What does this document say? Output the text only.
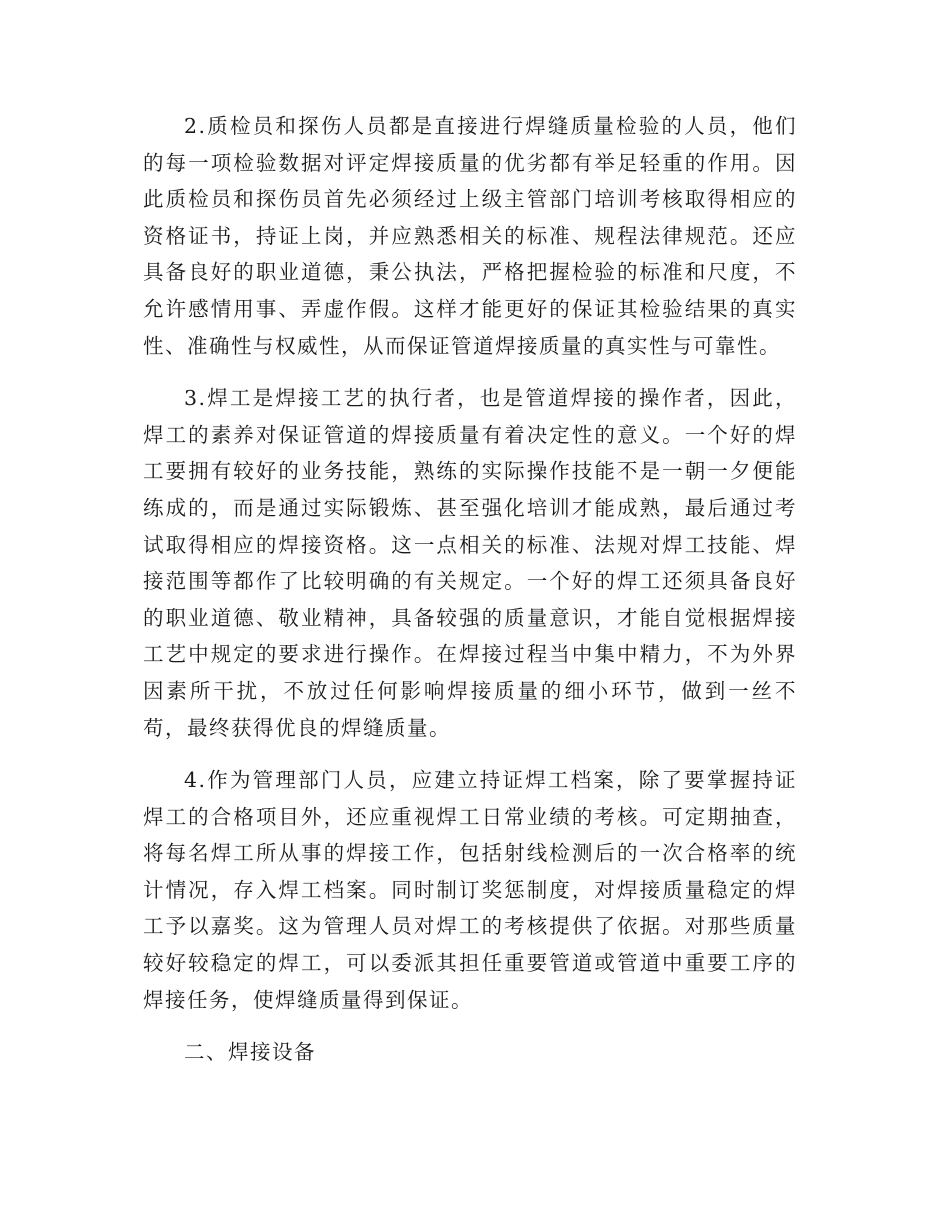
2.质检员和探伤人员都是直接进行焊缝质量检验的人员，他们的每一项检验数据对评定焊接质量的优劣都有举足轻重的作用。因此质检员和探伤员首先必须经过上级主管部门培训考核取得相应的资格证书，持证上岗，并应熟悉相关的标准、规程法律规范。还应具备良好的职业道德，秉公执法，严格把握检验的标准和尺度，不允许感情用事、弄虚作假。这样才能更好的保证其检验结果的真实性、准确性与权威性，从而保证管道焊接质量的真实性与可靠性。

3.焊工是焊接工艺的执行者，也是管道焊接的操作者，因此，焊工的素养对保证管道的焊接质量有着决定性的意义。一个好的焊工要拥有较好的业务技能，熟练的实际操作技能不是一朝一夕便能练成的，而是通过实际锻炼、甚至强化培训才能成熟，最后通过考试取得相应的焊接资格。这一点相关的标准、法规对焊工技能、焊接范围等都作了比较明确的有关规定。一个好的焊工还须具备良好的职业道德、敬业精神，具备较强的质量意识，才能自觉根据焊接工艺中规定的要求进行操作。在焊接过程当中集中精力，不为外界因素所干扰，不放过任何影响焊接质量的细小环节，做到一丝不苟，最终获得优良的焊缝质量。

4.作为管理部门人员，应建立持证焊工档案，除了要掌握持证焊工的合格项目外，还应重视焊工日常业绩的考核。可定期抽查，将每名焊工所从事的焊接工作，包括射线检测后的一次合格率的统计情况，存入焊工档案。同时制订奖惩制度，对焊接质量稳定的焊工予以嘉奖。这为管理人员对焊工的考核提供了依据。对那些质量较好较稳定的焊工，可以委派其担任重要管道或管道中重要工序的焊接任务，使焊缝质量得到保证。

二、焊接设备
